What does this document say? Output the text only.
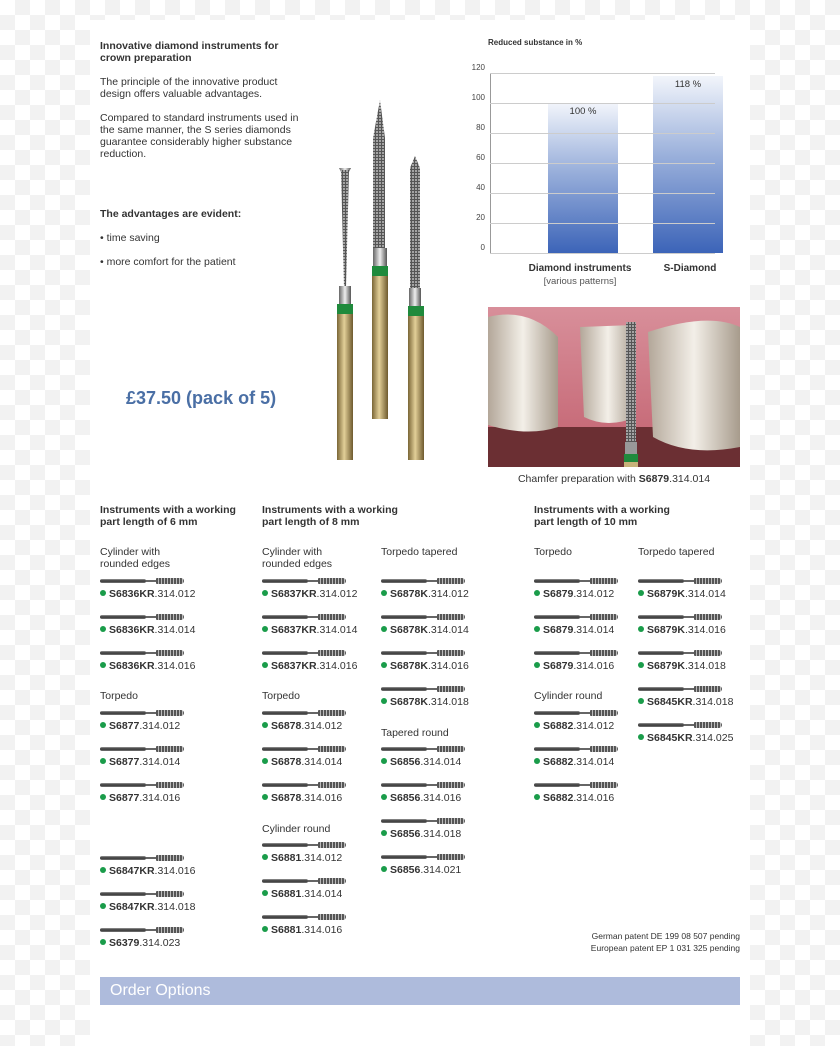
Innovative diamond instruments for crown preparation
The principle of the innovative product design offers valuable advantages.
Compared to standard instruments used in the same manner, the S series diamonds guarantee considerably higher substance reduction.
The advantages are evident:
• time saving
• more comfort for the patient
£37.50 (pack of 5)
Reduced substance in %
100 %
118 %
120
100
80
60
40
20
0
Diamond instruments
[various patterns]
S-Diamond
Chamfer preparation with S6879.314.014
Instruments with a working part length of 6 mm
Instruments with a working part length of 8 mm
Instruments with a working part length of 10 mm
Cylinder with rounded edges
Torpedo
Cylinder with rounded edges
Torpedo
Cylinder round
Torpedo tapered
Tapered round
Torpedo
Cylinder round
Torpedo tapered
S6836KR.314.012
S6836KR.314.014
S6836KR.314.016
S6877.314.012
S6877.314.014
S6877.314.016
S6847KR.314.016
S6847KR.314.018
S6379.314.023
S6837KR.314.012
S6837KR.314.014
S6837KR.314.016
S6878.314.012
S6878.314.014
S6878.314.016
S6881.314.012
S6881.314.014
S6881.314.016
S6878K.314.012
S6878K.314.014
S6878K.314.016
S6878K.314.018
S6856.314.014
S6856.314.016
S6856.314.018
S6856.314.021
S6879.314.012
S6879.314.014
S6879.314.016
S6882.314.012
S6882.314.014
S6882.314.016
S6879K.314.014
S6879K.314.016
S6879K.314.018
S6845KR.314.018
S6845KR.314.025
German patent DE 199 08 507 pending
European patent EP 1 031 325 pending
Order Options
